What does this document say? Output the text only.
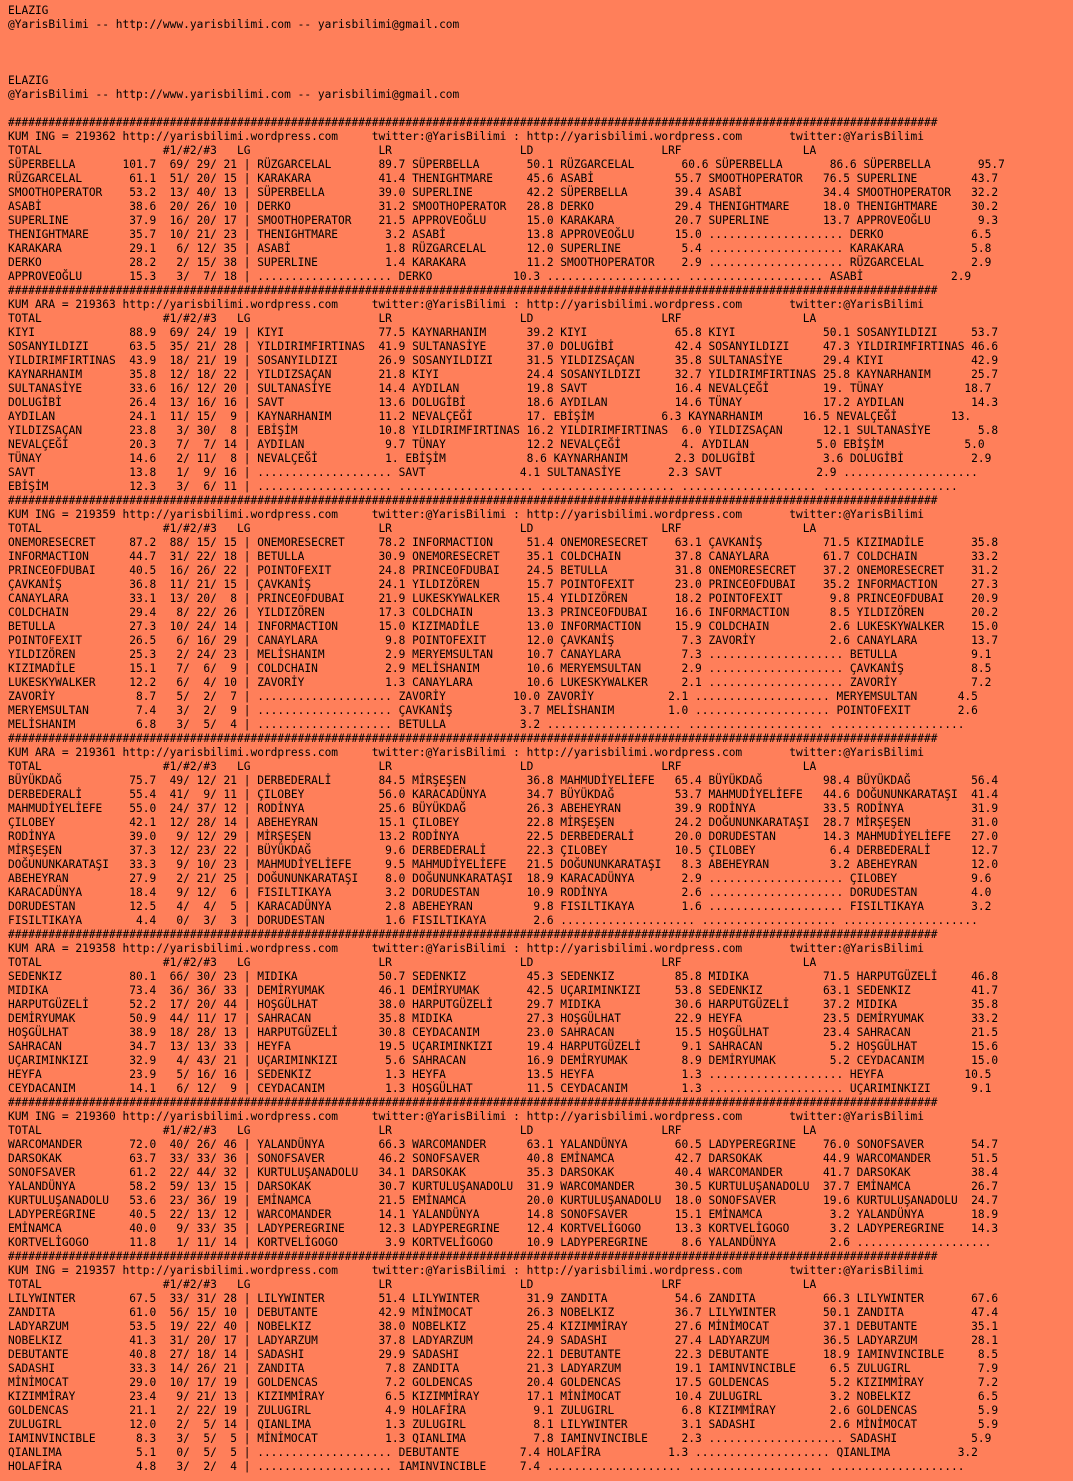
ELAZIG
@YarisBilimi -- http://www.yarisbilimi.com -- yarisbilimi@gmail.com

ELAZIG
@YarisBilimi -- http://www.yarisbilimi.com -- yarisbilimi@gmail.com

##########################################################################################################################################
KUM ING = 219362 http://yarisbilimi.wordpress.com     twitter:@YarisBilimi : http://yarisbilimi.wordpress.com       twitter:@YarisBilimi
TOTAL                  #1/#2/#3   LG                   LR                   LD                   LRF                  LA
SÜPERBELLA       101.7  69/ 29/ 21 | RÜZGARCELAL       89.7 SÜPERBELLA       50.1 RÜZGARCELAL       60.6 SÜPERBELLA       86.6 SÜPERBELLA       95.7
RÜZGARCELAL       61.1  51/ 20/ 15 | KARAKARA          41.4 THENIGHTMARE     45.6 ASABİ            55.7 SMOOTHOPERATOR   76.5 SUPERLINE        43.7
SMOOTHOPERATOR    53.2  13/ 40/ 13 | SÜPERBELLA        39.0 SUPERLINE        42.2 SÜPERBELLA       39.4 ASABİ            34.4 SMOOTHOPERATOR   32.2
ASABİ             38.6  20/ 26/ 10 | DERKO             31.2 SMOOTHOPERATOR   28.8 DERKO            29.4 THENIGHTMARE     18.0 THENIGHTMARE     30.2
SUPERLINE         37.9  16/ 20/ 17 | SMOOTHOPERATOR    21.5 APPROVEOĞLU      15.0 KARAKARA         20.7 SUPERLINE        13.7 APPROVEOĞLU       9.3
THENIGHTMARE      35.7  10/ 21/ 23 | THENIGHTMARE       3.2 ASABİ            13.8 APPROVEOĞLU      15.0 .................... DERKO             6.5
KARAKARA          29.1   6/ 12/ 35 | ASABİ              1.8 RÜZGARCELAL      12.0 SUPERLINE         5.4 .................... KARAKARA          5.8
DERKO             28.2   2/ 15/ 38 | SUPERLINE          1.4 KARAKARA         11.2 SMOOTHOPERATOR    2.9 .................... RÜZGARCELAL       2.9
APPROVEOĞLU       15.3   3/  7/ 18 | .................... DERKO            10.3 .................... .................... ASABİ             2.9
##########################################################################################################################################
KUM ARA = 219363 http://yarisbilimi.wordpress.com     twitter:@YarisBilimi : http://yarisbilimi.wordpress.com       twitter:@YarisBilimi
TOTAL                  #1/#2/#3   LG                   LR                   LD                   LRF                  LA
KIYI              88.9  69/ 24/ 19 | KIYI              77.5 KAYNARHANIM      39.2 KIYI             65.8 KIYI             50.1 SOSANYILDIZI     53.7
SOSANYILDIZI      63.5  35/ 21/ 28 | YILDIRIMFIRTINAS  41.9 SULTANASİYE      37.0 DOLUGİBİ         42.4 SOSANYILDIZI     47.3 YILDIRIMFIRTINAS 46.6
YILDIRIMFIRTINAS  43.9  18/ 21/ 19 | SOSANYILDIZI      26.9 SOSANYILDIZI     31.5 YILDIZSAÇAN      35.8 SULTANASİYE      29.4 KIYI             42.9
KAYNARHANIM       35.8  12/ 18/ 22 | YILDIZSAÇAN       21.8 KIYI             24.4 SOSANYILDIZI     32.7 YILDIRIMFIRTINAS 25.8 KAYNARHANIM      25.7
SULTANASİYE       33.6  16/ 12/ 20 | SULTANASİYE       14.4 AYDILAN          19.8 SAVT             16.4 NEVALÇEĞİ        19. TÜNAY            18.7
DOLUGİBİ          26.4  13/ 16/ 16 | SAVT              13.6 DOLUGİBİ         18.6 AYDILAN          14.6 TÜNAY            17.2 AYDILAN          14.3
AYDILAN           24.1  11/ 15/  9 | KAYNARHANIM       11.2 NEVALÇEĞİ        17. EBİŞİM          6.3 KAYNARHANIM      16.5 NEVALÇEĞİ        13.
YILDIZSAÇAN       23.8   3/ 30/  8 | EBİŞİM            10.8 YILDIRIMFIRTINAS 16.2 YILDIRIMFIRTINAS  6.0 YILDIZSAÇAN      12.1 SULTANASİYE       5.8
NEVALÇEĞİ         20.3   7/  7/ 14 | AYDILAN            9.7 TÜNAY            12.2 NEVALÇEĞİ         4. AYDILAN          5.0 EBİŞİM            5.0
TÜNAY             14.6   2/ 11/  8 | NEVALÇEĞİ          1. EBİŞİM            8.6 KAYNARHANIM       2.3 DOLUGİBİ          3.6 DOLUGİBİ          2.9
SAVT              13.8   1/  9/ 16 | .................... SAVT              4.1 SULTANASİYE       2.3 SAVT              2.9 ....................
EBİŞİM            12.3   3/  6/ 11 | .................... .................... .................... .................... ....................
##########################################################################################################################################
KUM ING = 219359 http://yarisbilimi.wordpress.com     twitter:@YarisBilimi : http://yarisbilimi.wordpress.com       twitter:@YarisBilimi
TOTAL                  #1/#2/#3   LG                   LR                   LD                   LRF                  LA
ONEMORESECRET     87.2  88/ 15/ 15 | ONEMORESECRET     78.2 INFORMACTION     51.4 ONEMORESECRET    63.1 ÇAVKANİŞ         71.5 KIZIMADİLE       35.8
INFORMACTION      44.7  31/ 22/ 18 | BETULLA           30.9 ONEMORESECRET    35.1 COLDCHAIN        37.8 CANAYLARA        61.7 COLDCHAIN        33.2
PRINCEOFDUBAI     40.5  16/ 26/ 22 | POINTOFEXIT       24.8 PRINCEOFDUBAI    24.5 BETULLA          31.8 ONEMORESECRET    37.2 ONEMORESECRET    31.2
ÇAVKANİŞ          36.8  11/ 21/ 15 | ÇAVKANİŞ          24.1 YILDIZÖREN       15.7 POINTOFEXIT      23.0 PRINCEOFDUBAI    35.2 INFORMACTION     27.3
CANAYLARA         33.1  13/ 20/  8 | PRINCEOFDUBAI     21.9 LUKESKYWALKER    15.4 YILDIZÖREN       18.2 POINTOFEXIT       9.8 PRINCEOFDUBAI    20.9
COLDCHAIN         29.4   8/ 22/ 26 | YILDIZÖREN        17.3 COLDCHAIN        13.3 PRINCEOFDUBAI    16.6 INFORMACTION      8.5 YILDIZÖREN       20.2
BETULLA           27.3  10/ 24/ 14 | INFORMACTION      15.0 KIZIMADİLE       13.0 INFORMACTION     15.9 COLDCHAIN         2.6 LUKESKYWALKER    15.0
POINTOFEXIT       26.5   6/ 16/ 29 | CANAYLARA          9.8 POINTOFEXIT      12.0 ÇAVKANİŞ          7.3 ZAVORİY           2.6 CANAYLARA        13.7
YILDIZÖREN        25.3   2/ 24/ 23 | MELİSHANIM         2.9 MERYEMSULTAN     10.7 CANAYLARA         7.3 .................... BETULLA           9.1
KIZIMADİLE        15.1   7/  6/  9 | COLDCHAIN          2.9 MELİSHANIM       10.6 MERYEMSULTAN      2.9 .................... ÇAVKANİŞ          8.5
LUKESKYWALKER     12.2   6/  4/ 10 | ZAVORİY            1.3 CANAYLARA        10.6 LUKESKYWALKER     2.1 .................... ZAVORİY           7.2
ZAVORİY            8.7   5/  2/  7 | .................... ZAVORİY          10.0 ZAVORİY           2.1 .................... MERYEMSULTAN      4.5
MERYEMSULTAN       7.4   3/  2/  9 | .................... ÇAVKANİŞ          3.7 MELİSHANIM        1.0 .................... POINTOFEXIT       2.6
MELİSHANIM         6.8   3/  5/  4 | .................... BETULLA           3.2 .................... .................... ....................
##########################################################################################################################################
KUM ARA = 219361 http://yarisbilimi.wordpress.com     twitter:@YarisBilimi : http://yarisbilimi.wordpress.com       twitter:@YarisBilimi
TOTAL                  #1/#2/#3   LG                   LR                   LD                   LRF                  LA
BÜYÜKDAĞ          75.7  49/ 12/ 21 | DERBEDERALİ       84.5 MİRŞEŞEN         36.8 MAHMUDİYELİEFE   65.4 BÜYÜKDAĞ         98.4 BÜYÜKDAĞ         56.4
DERBEDERALİ       55.4  41/  9/ 11 | ÇILOBEY           56.0 KARACADÜNYA      34.7 BÜYÜKDAĞ         53.7 MAHMUDİYELİEFE   44.6 DOĞUNUNKARATAŞI  41.4
MAHMUDİYELİEFE    55.0  24/ 37/ 12 | RODİNYA           25.6 BÜYÜKDAĞ         26.3 ABEHEYRAN        39.9 RODİNYA          33.5 RODİNYA          31.9
ÇILOBEY           42.1  12/ 28/ 14 | ABEHEYRAN         15.1 ÇILOBEY          22.8 MİRŞEŞEN         24.2 DOĞUNUNKARATAŞI  28.7 MİRŞEŞEN         31.0
RODİNYA           39.0   9/ 12/ 29 | MİRŞEŞEN          13.2 RODİNYA          22.5 DERBEDERALİ      20.0 DORUDESTAN       14.3 MAHMUDİYELİEFE   27.0
MİRŞEŞEN          37.3  12/ 23/ 22 | BÜYÜKDAĞ           9.6 DERBEDERALİ      22.3 ÇILOBEY          10.5 ÇILOBEY           6.4 DERBEDERALİ      12.7
DOĞUNUNKARATAŞI   33.3   9/ 10/ 23 | MAHMUDİYELİEFE     9.5 MAHMUDİYELİEFE   21.5 DOĞUNUNKARATAŞI   8.3 ABEHEYRAN         3.2 ABEHEYRAN        12.0
ABEHEYRAN         27.9   2/ 21/ 25 | DOĞUNUNKARATAŞI    8.0 DOĞUNUNKARATAŞI  18.9 KARACADÜNYA       2.9 .................... ÇILOBEY           9.6
KARACADÜNYA       18.4   9/ 12/  6 | FISILTIKAYA        3.2 DORUDESTAN       10.9 RODİNYA           2.6 .................... DORUDESTAN        4.0
DORUDESTAN        12.5   4/  4/  5 | KARACADÜNYA        2.8 ABEHEYRAN         9.8 FISILTIKAYA       1.6 .................... FISILTIKAYA       3.2
FISILTIKAYA        4.4   0/  3/  3 | DORUDESTAN         1.6 FISILTIKAYA       2.6 .................... .................... ....................
##########################################################################################################################################
KUM ARA = 219358 http://yarisbilimi.wordpress.com     twitter:@YarisBilimi : http://yarisbilimi.wordpress.com       twitter:@YarisBilimi
TOTAL                  #1/#2/#3   LG                   LR                   LD                   LRF                  LA
SEDENKIZ          80.1  66/ 30/ 23 | MIDIKA            50.7 SEDENKIZ         45.3 SEDENKIZ         85.8 MIDIKA           71.5 HARPUTGÜZELİ     46.8
MIDIKA            73.4  36/ 36/ 33 | DEMİRYUMAK        46.1 DEMİRYUMAK       42.5 UÇARIMINKIZI     53.8 SEDENKIZ         63.1 SEDENKIZ         41.7
HARPUTGÜZELİ      52.2  17/ 20/ 44 | HOŞGÜLHAT         38.0 HARPUTGÜZELİ     29.7 MIDIKA           30.6 HARPUTGÜZELİ     37.2 MIDIKA           35.8
DEMİRYUMAK        50.9  44/ 11/ 17 | SAHRACAN          35.8 MIDIKA           27.3 HOŞGÜLHAT        22.9 HEYFA            23.5 DEMİRYUMAK       33.2
HOŞGÜLHAT         38.9  18/ 28/ 13 | HARPUTGÜZELİ      30.8 CEYDACANIM       23.0 SAHRACAN         15.5 HOŞGÜLHAT        23.4 SAHRACAN         21.5
SAHRACAN          34.7  13/ 13/ 33 | HEYFA             19.5 UÇARIMINKIZI     19.4 HARPUTGÜZELİ      9.1 SAHRACAN          5.2 HOŞGÜLHAT        15.6
UÇARIMINKIZI      32.9   4/ 43/ 21 | UÇARIMINKIZI       5.6 SAHRACAN         16.9 DEMİRYUMAK        8.9 DEMİRYUMAK        5.2 CEYDACANIM       15.0
HEYFA             23.9   5/ 16/ 16 | SEDENKIZ           1.3 HEYFA            13.5 HEYFA             1.3 .................... HEYFA            10.5
CEYDACANIM        14.1   6/ 12/  9 | CEYDACANIM         1.3 HOŞGÜLHAT        11.5 CEYDACANIM        1.3 .................... UÇARIMINKIZI      9.1
##########################################################################################################################################
KUM ING = 219360 http://yarisbilimi.wordpress.com     twitter:@YarisBilimi : http://yarisbilimi.wordpress.com       twitter:@YarisBilimi
TOTAL                  #1/#2/#3   LG                   LR                   LD                   LRF                  LA
WARCOMANDER       72.0  40/ 26/ 46 | YALANDÜNYA        66.3 WARCOMANDER      63.1 YALANDÜNYA       60.5 LADYPEREGRINE    76.0 SONOFSAVER       54.7
DARSOKAK          63.7  33/ 33/ 36 | SONOFSAVER        46.2 SONOFSAVER       40.8 EMİNAMCA         42.7 DARSOKAK         44.9 WARCOMANDER      51.5
SONOFSAVER        61.2  22/ 44/ 32 | KURTULUŞANADOLU   34.1 DARSOKAK         35.3 DARSOKAK         40.4 WARCOMANDER      41.7 DARSOKAK         38.4
YALANDÜNYA        58.2  59/ 13/ 15 | DARSOKAK          30.7 KURTULUŞANADOLU  31.9 WARCOMANDER      30.5 KURTULUŞANADOLU  37.7 EMİNAMCA         26.7
KURTULUŞANADOLU   53.6  23/ 36/ 19 | EMİNAMCA          21.5 EMİNAMCA         20.0 KURTULUŞANADOLU  18.0 SONOFSAVER       19.6 KURTULUŞANADOLU  24.7
LADYPEREGRINE     40.5  22/ 13/ 12 | WARCOMANDER       14.1 YALANDÜNYA       14.8 SONOFSAVER       15.1 EMİNAMCA          3.2 YALANDÜNYA       18.9
EMİNAMCA          40.0   9/ 33/ 35 | LADYPEREGRINE     12.3 LADYPEREGRINE    12.4 KORTVELİGOGO     13.3 KORTVELİGOGO      3.2 LADYPEREGRINE    14.3
KORTVELİGOGO      11.8   1/ 11/ 14 | KORTVELİGOGO       3.9 KORTVELİGOGO     10.9 LADYPEREGRINE     8.6 YALANDÜNYA        2.6 ....................
##########################################################################################################################################
KUM ING = 219357 http://yarisbilimi.wordpress.com     twitter:@YarisBilimi : http://yarisbilimi.wordpress.com       twitter:@YarisBilimi
TOTAL                  #1/#2/#3   LG                   LR                   LD                   LRF                  LA
LILYWINTER        67.5  33/ 31/ 28 | LILYWINTER        51.4 LILYWINTER       31.9 ZANDITA          54.6 ZANDITA          66.3 LILYWINTER       67.6
ZANDITA           61.0  56/ 15/ 10 | DEBUTANTE         42.9 MİNİMOCAT        26.3 NOBELKIZ         36.7 LILYWINTER       50.1 ZANDITA          47.4
LADYARZUM         53.5  19/ 22/ 40 | NOBELKIZ          38.0 NOBELKIZ         25.4 KIZIMMİRAY       27.6 MİNİMOCAT        37.1 DEBUTANTE        35.1
NOBELKIZ          41.3  31/ 20/ 17 | LADYARZUM         37.8 LADYARZUM        24.9 SADASHI          27.4 LADYARZUM        36.5 LADYARZUM        28.1
DEBUTANTE         40.8  27/ 18/ 14 | SADASHI           29.9 SADASHI          22.1 DEBUTANTE        22.3 DEBUTANTE        18.9 IAMINVINCIBLE     8.5
SADASHI           33.3  14/ 26/ 21 | ZANDITA            7.8 ZANDITA          21.3 LADYARZUM        19.1 IAMINVINCIBLE     6.5 ZULUGIRL          7.9
MİNİMOCAT         29.0  10/ 17/ 19 | GOLDENCAS          7.2 GOLDENCAS        20.4 GOLDENCAS        17.5 GOLDENCAS         5.2 KIZIMMİRAY        7.2
KIZIMMİRAY        23.4   9/ 21/ 13 | KIZIMMİRAY         6.5 KIZIMMİRAY       17.1 MİNİMOCAT        10.4 ZULUGIRL          3.2 NOBELKIZ          6.5
GOLDENCAS         21.1   2/ 22/ 19 | ZULUGIRL           4.9 HOLAFİRA          9.1 ZULUGIRL          6.8 KIZIMMİRAY        2.6 GOLDENCAS         5.9
ZULUGIRL          12.0   2/  5/ 14 | QIANLIMA           1.3 ZULUGIRL          8.1 LILYWINTER        3.1 SADASHI           2.6 MİNİMOCAT         5.9
IAMINVINCIBLE      8.3   3/  5/  5 | MİNİMOCAT          1.3 QIANLIMA          7.8 IAMINVINCIBLE     2.3 .................... SADASHI           5.9
QIANLIMA           5.1   0/  5/  5 | .................... DEBUTANTE         7.4 HOLAFİRA          1.3 .................... QIANLIMA          3.2
HOLAFİRA           4.8   3/  2/  4 | .................... IAMINVINCIBLE     7.4 .................... .................... ....................
